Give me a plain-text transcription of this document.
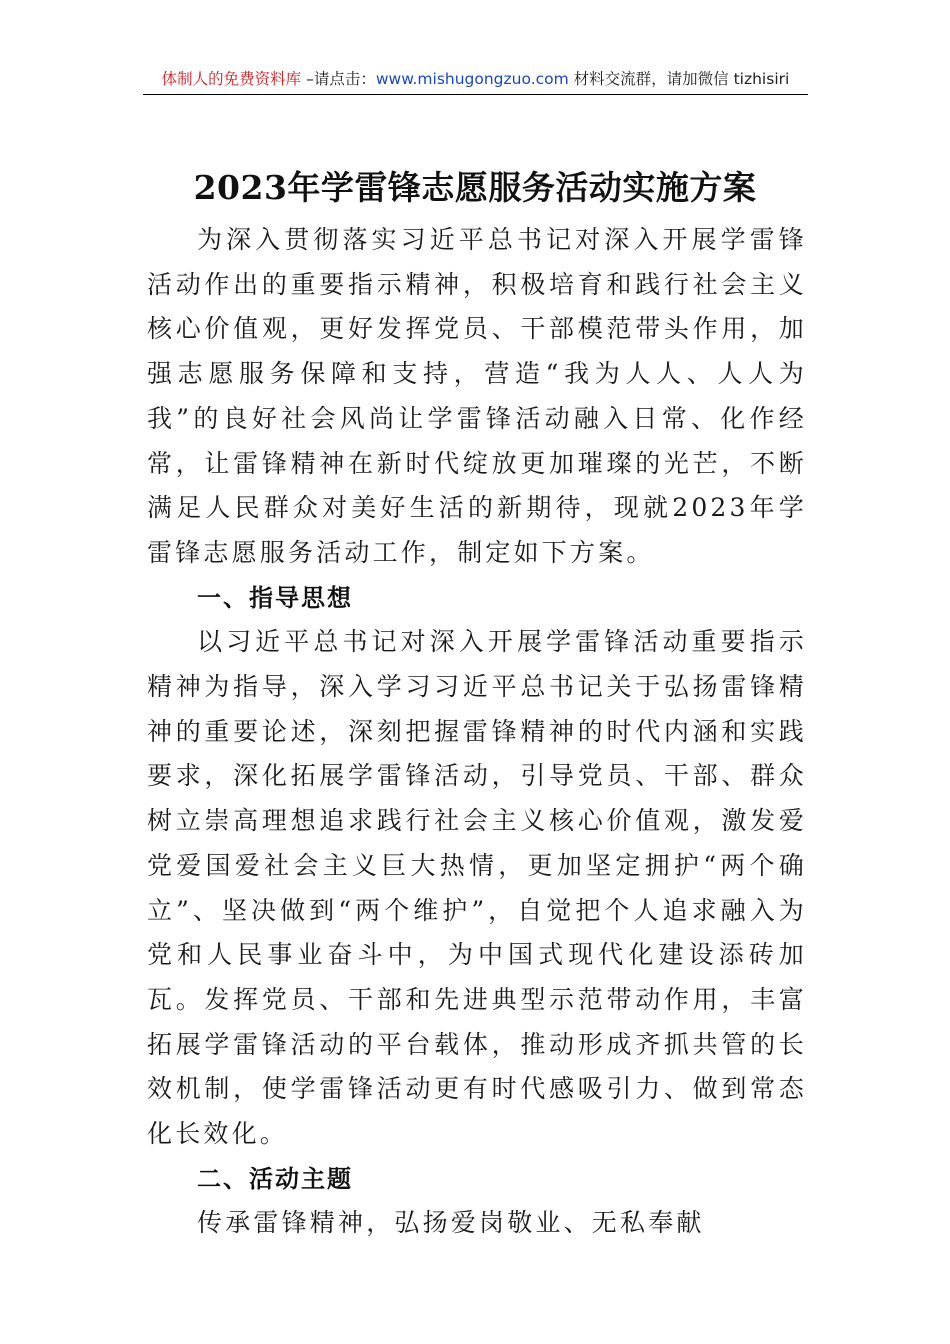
体制人的免费资料库 –请点击：www.mishugongzuo.com 材料交流群，请加微信 tizhisiri
2023年学雷锋志愿服务活动实施方案

为深入贯彻落实习近平总书记对深入开展学雷锋活动作出的重要指示精神，积极培育和践行社会主义核心价值观，更好发挥党员、干部模范带头作用，加强志愿服务保障和支持，营造“我为人人、人人为我”的良好社会风尚让学雷锋活动融入日常、化作经常，让雷锋精神在新时代绽放更加璀璨的光芒，不断满足人民群众对美好生活的新期待，现就2023年学雷锋志愿服务活动工作，制定如下方案。

一、指导思想

以习近平总书记对深入开展学雷锋活动重要指示精神为指导，深入学习习近平总书记关于弘扬雷锋精神的重要论述，深刻把握雷锋精神的时代内涵和实践要求，深化拓展学雷锋活动，引导党员、干部、群众树立崇高理想追求践行社会主义核心价值观，激发爱党爱国爱社会主义巨大热情，更加坚定拥护“两个确立”、坚决做到“两个维护”，自觉把个人追求融入为党和人民事业奋斗中，为中国式现代化建设添砖加瓦。发挥党员、干部和先进典型示范带动作用，丰富拓展学雷锋活动的平台载体，推动形成齐抓共管的长效机制，使学雷锋活动更有时代感吸引力、做到常态化长效化。

二、活动主题

传承雷锋精神，弘扬爱岗敬业、无私奉献
